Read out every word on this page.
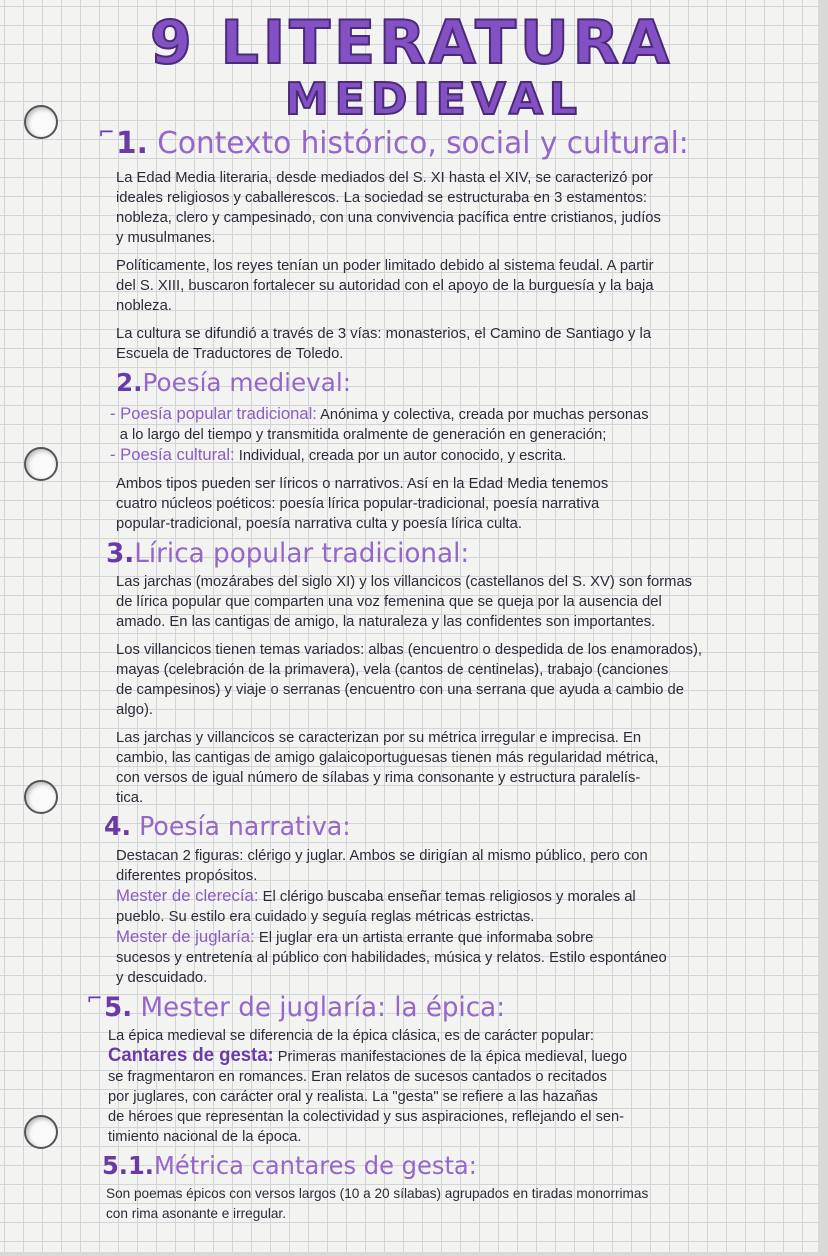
9 LITERATURA
MEDIEVAL
⌐ 1. Contexto histórico, social y cultural:
La Edad Media literaria, desde mediados del S. XI hasta el XIV, se caracterizó por
ideales religiosos y caballerescos. La sociedad se estructuraba en 3 estamentos:
nobleza, clero y campesinado, con una convivencia pacífica entre cristianos, judíos
y musulmanes.
Políticamente, los reyes tenían un poder limitado debido al sistema feudal. A partir
del S. XIII, buscaron fortalecer su autoridad con el apoyo de la burguesía y la baja
nobleza.
La cultura se difundió a través de 3 vías: monasterios, el Camino de Santiago y la
Escuela de Traductores de Toledo.
2.Poesía medieval:
- Poesía popular tradicional: Anónima y colectiva, creada por muchas personas
a lo largo del tiempo y transmitida oralmente de generación en generación;
- Poesía cultural: Individual, creada por un autor conocido, y escrita.
Ambos tipos pueden ser líricos o narrativos. Así en la Edad Media tenemos
cuatro núcleos poéticos: poesía lírica popular-tradicional, poesía narrativa
popular-tradicional, poesía narrativa culta y poesía lírica culta.
3.Lírica popular tradicional:
Las jarchas (mozárabes del siglo XI) y los villancicos (castellanos del S. XV) son formas
de lírica popular que comparten una voz femenina que se queja por la ausencia del
amado. En las cantigas de amigo, la naturaleza y las confidentes son importantes.
Los villancicos tienen temas variados: albas (encuentro o despedida de los enamorados),
mayas (celebración de la primavera), vela (cantos de centinelas), trabajo (canciones
de campesinos) y viaje o serranas (encuentro con una serrana que ayuda a cambio de
algo).
Las jarchas y villancicos se caracterizan por su métrica irregular e imprecisa. En
cambio, las cantigas de amigo galaicoportuguesas tienen más regularidad métrica,
con versos de igual número de sílabas y rima consonante y estructura paralelís-
tica.
4. Poesía narrativa:
Destacan 2 figuras: clérigo y juglar. Ambos se dirigían al mismo público, pero con
diferentes propósitos.
Mester de clerecía: El clérigo buscaba enseñar temas religiosos y morales al
pueblo. Su estilo era cuidado y seguía reglas métricas estrictas.
Mester de juglaría: El juglar era un artista errante que informaba sobre
sucesos y entretenía al público con habilidades, música y relatos. Estilo espontáneo
y descuidado.
⌐ 5. Mester de juglaría: la épica:
La épica medieval se diferencia de la épica clásica, es de carácter popular:
Cantares de gesta: Primeras manifestaciones de la épica medieval, luego
se fragmentaron en romances. Eran relatos de sucesos cantados o recitados
por juglares, con carácter oral y realista. La "gesta" se refiere a las hazañas
de héroes que representan la colectividad y sus aspiraciones, reflejando el sen-
timiento nacional de la época.
5.1.Métrica cantares de gesta:
Son poemas épicos con versos largos (10 a 20 sílabas) agrupados en tiradas monorrimas
con rima asonante e irregular.
